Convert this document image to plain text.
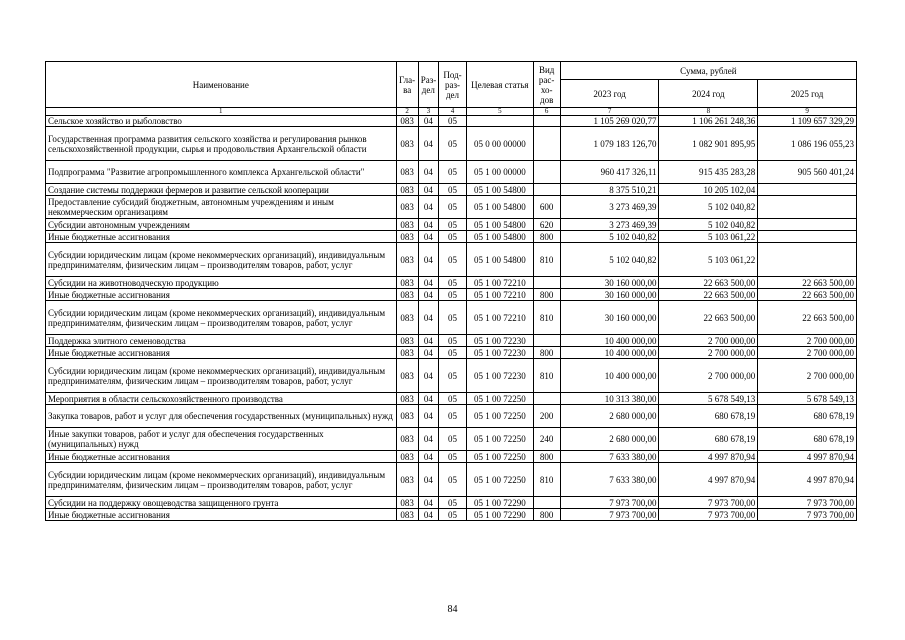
Наименование	Гла-ва	Раз-дел	Под-раз-дел	Целевая статья	Вид рас-хо-дов	Сумма, рублей		
						2023 год	2024 год	2025 год
1	2	3	4	5	6	7	8	9
Сельское хозяйство и рыболовство	083	04	05			1 105 269 020,77	1 106 261 248,36	1 109 657 329,29
Государственная программа развития сельского хозяйства и регулирования рынков сельскохозяйственной продукции, сырья и продовольствия Архангельской области	083	04	05	05 0 00 00000		1 079 183 126,70	1 082 901 895,95	1 086 196 055,23
Подпрограмма "Развитие агропромышленного комплекса Архангельской области"	083	04	05	05 1 00 00000		960 417 326,11	915 435 283,28	905 560 401,24
Создание системы поддержки фермеров и развитие сельской кооперации	083	04	05	05 1 00 54800		8 375 510,21	10 205 102,04	
Предоставление субсидий бюджетным, автономным учреждениям и иным некоммерческим организациям	083	04	05	05 1 00 54800	600	3 273 469,39	5 102 040,82	
Субсидии автономным учреждениям	083	04	05	05 1 00 54800	620	3 273 469,39	5 102 040,82	
Иные бюджетные ассигнования	083	04	05	05 1 00 54800	800	5 102 040,82	5 103 061,22	
Субсидии юридическим лицам (кроме некоммерческих организаций), индивидуальным предпринимателям, физическим лицам – производителям товаров, работ, услуг	083	04	05	05 1 00 54800	810	5 102 040,82	5 103 061,22	
Субсидии на животноводческую продукцию	083	04	05	05 1 00 72210		30 160 000,00	22 663 500,00	22 663 500,00
Иные бюджетные ассигнования	083	04	05	05 1 00 72210	800	30 160 000,00	22 663 500,00	22 663 500,00
Субсидии юридическим лицам (кроме некоммерческих организаций), индивидуальным предпринимателям, физическим лицам – производителям товаров, работ, услуг	083	04	05	05 1 00 72210	810	30 160 000,00	22 663 500,00	22 663 500,00
Поддержка элитного семеноводства	083	04	05	05 1 00 72230		10 400 000,00	2 700 000,00	2 700 000,00
Иные бюджетные ассигнования	083	04	05	05 1 00 72230	800	10 400 000,00	2 700 000,00	2 700 000,00
Субсидии юридическим лицам (кроме некоммерческих организаций), индивидуальным предпринимателям, физическим лицам – производителям товаров, работ, услуг	083	04	05	05 1 00 72230	810	10 400 000,00	2 700 000,00	2 700 000,00
Мероприятия в области сельскохозяйственного производства	083	04	05	05 1 00 72250		10 313 380,00	5 678 549,13	5 678 549,13
Закупка товаров, работ и услуг для обеспечения государственных (муниципальных) нужд	083	04	05	05 1 00 72250	200	2 680 000,00	680 678,19	680 678,19
Иные закупки товаров, работ и услуг для обеспечения государственных (муниципальных) нужд	083	04	05	05 1 00 72250	240	2 680 000,00	680 678,19	680 678,19
Иные бюджетные ассигнования	083	04	05	05 1 00 72250	800	7 633 380,00	4 997 870,94	4 997 870,94
Субсидии юридическим лицам (кроме некоммерческих организаций), индивидуальным предпринимателям, физическим лицам – производителям товаров, работ, услуг	083	04	05	05 1 00 72250	810	7 633 380,00	4 997 870,94	4 997 870,94
Субсидии на поддержку овощеводства защищенного грунта	083	04	05	05 1 00 72290		7 973 700,00	7 973 700,00	7 973 700,00
Иные бюджетные ассигнования	083	04	05	05 1 00 72290	800	7 973 700,00	7 973 700,00	7 973 700,00
84
